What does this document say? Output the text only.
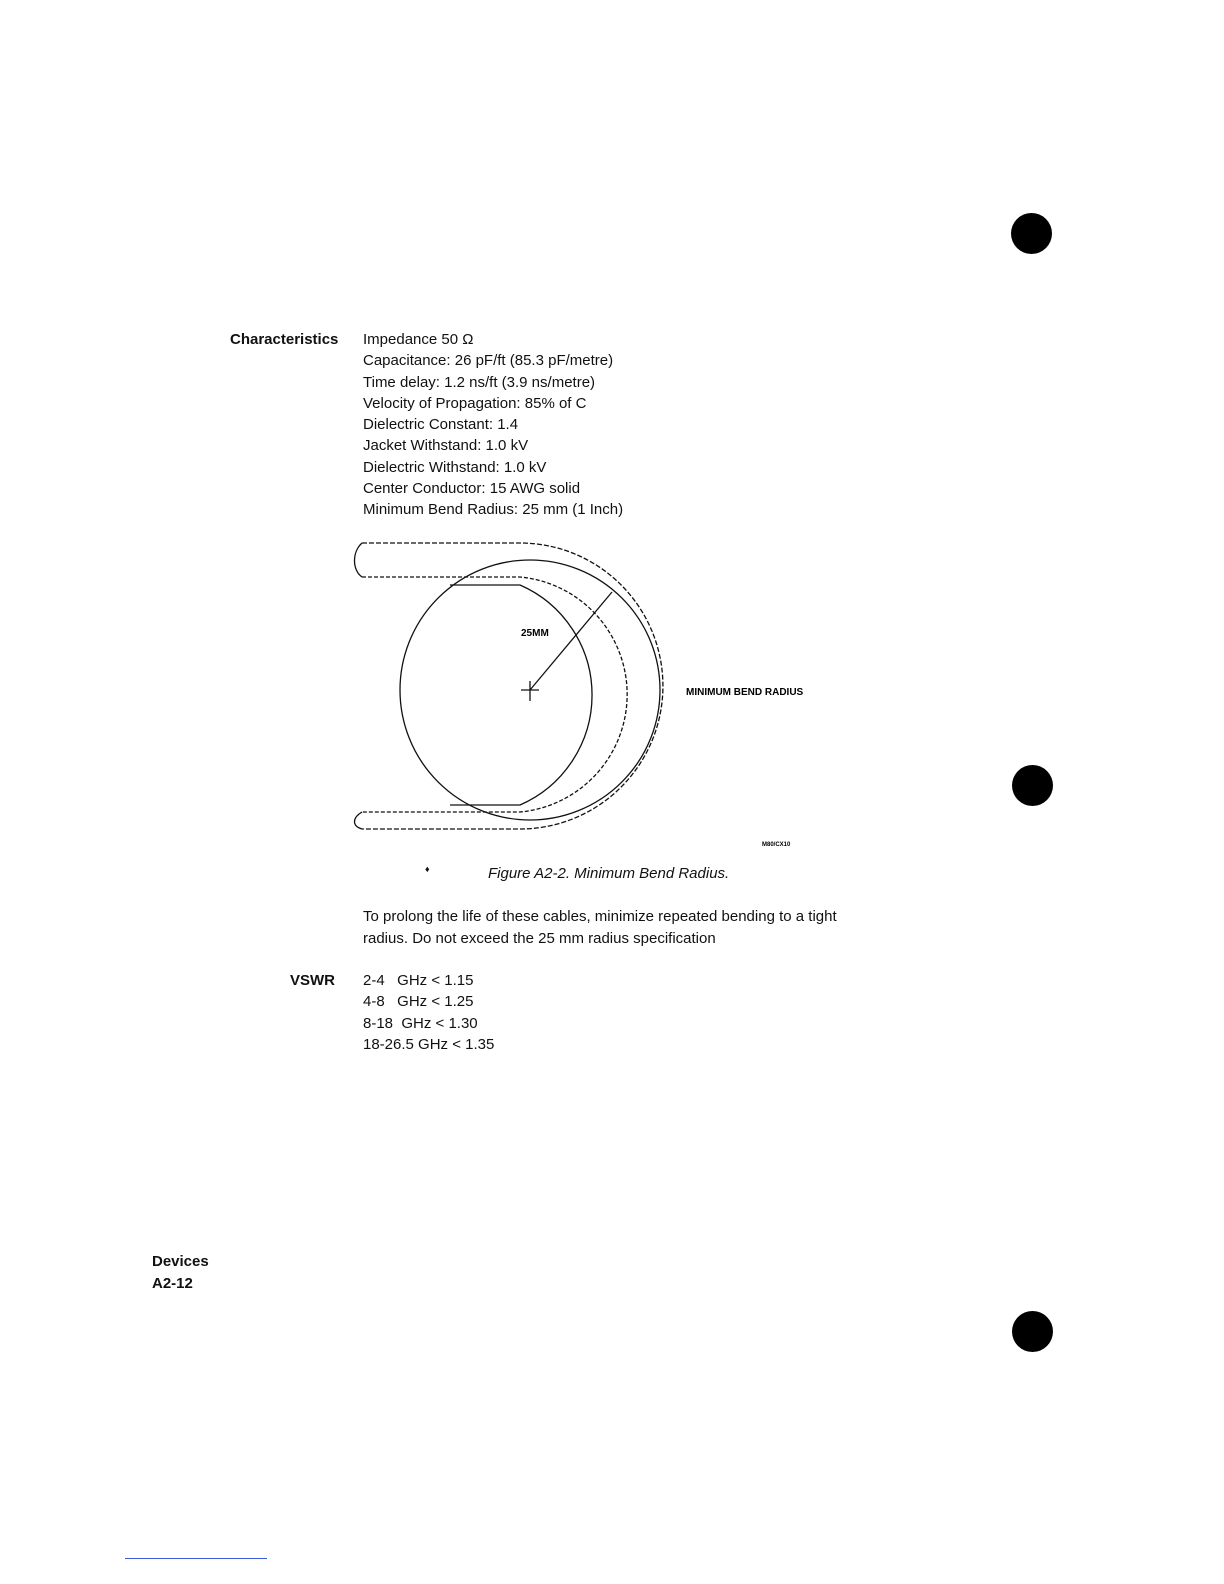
Characteristics Impedance 50 Ω
Capacitance: 26 pF/ft (85.3 pF/metre)
Time delay: 1.2 ns/ft (3.9 ns/metre)
Velocity of Propagation: 85% of C
Dielectric Constant: 1.4
Jacket Withstand: 1.0 kV
Dielectric Withstand: 1.0 kV
Center Conductor: 15 AWG solid
Minimum Bend Radius: 25 mm (1 Inch)
25MM
MINIMUM BEND RADIUS
M80/CX10
♦	Figure A2-2. Minimum Bend Radius.
To prolong the life of these cables, minimize repeated bending to a tight radius. Do not exceed the 25 mm radius specification
VSWR 2-4   GHz < 1.15
4-8   GHz < 1.25
8-18  GHz < 1.30
18-26.5 GHz < 1.35
Devices
A2-12
